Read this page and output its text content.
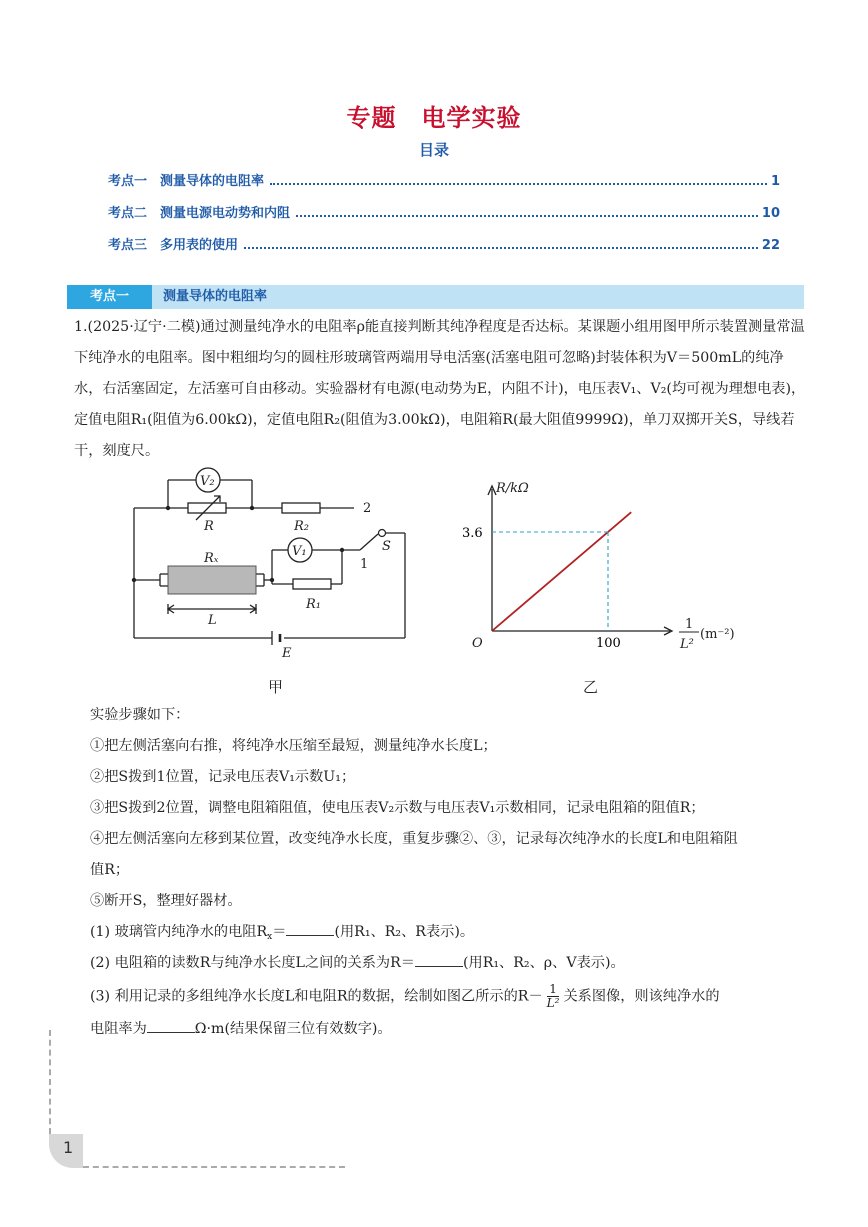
专题　电学实验
目录
考点一　测量导体的电阻率	1
考点二　测量电源电动势和内阻	10
考点三　多用表的使用	22
考点一	测量导体的电阻率

1.(2025·辽宁·二模)通过测量纯净水的电阻率ρ能直接判断其纯净程度是否达标。某课题小组用图甲所示装置测量常温下纯净水的电阻率。图中粗细均匀的圆柱形玻璃管两端用导电活塞(活塞电阻可忽略)封装体积为V＝500mL的纯净水，右活塞固定，左活塞可自由移动。实验器材有电源(电动势为E，内阻不计)，电压表V₁、V₂(均可视为理想电表)，定值电阻R₁(阻值为6.00kΩ)，定值电阻R₂(阻值为3.00kΩ)，电阻箱R(最大阻值9999Ω)，单刀双掷开关S，导线若干，刻度尺。

V₂
V₁
R	R₂
R₁
Rₓ
L
E
S
1
2
甲
3.6
100
R/kΩ
O
1
L²
(m⁻²)
乙
实验步骤如下：
①把左侧活塞向右推，将纯净水压缩至最短，测量纯净水长度L；
②把S拨到1位置，记录电压表V₁示数U₁；
③把S拨到2位置，调整电阻箱阻值，使电压表V₂示数与电压表V₁示数相同，记录电阻箱的阻值R；
④把左侧活塞向左移到某位置，改变纯净水长度，重复步骤②、③，记录每次纯净水的长度L和电阻箱阻
值R；
⑤断开S，整理好器材。
(1) 玻璃管内纯净水的电阻$R_x=$	(用R₁、R₂、R表示)。
(2) 电阻箱的读数R与纯净水长度L之间的关系为R＝	(用R₁、R₂、ρ、V表示)。
(3) 利用记录的多组纯净水长度L和电阻R的数据，绘制如图乙所示的$R- \frac{1}{\text{L²}}$ 关系图像，则该纯净水的
电阻率为	Ω·m(结果保留三位有效数字)。
1
